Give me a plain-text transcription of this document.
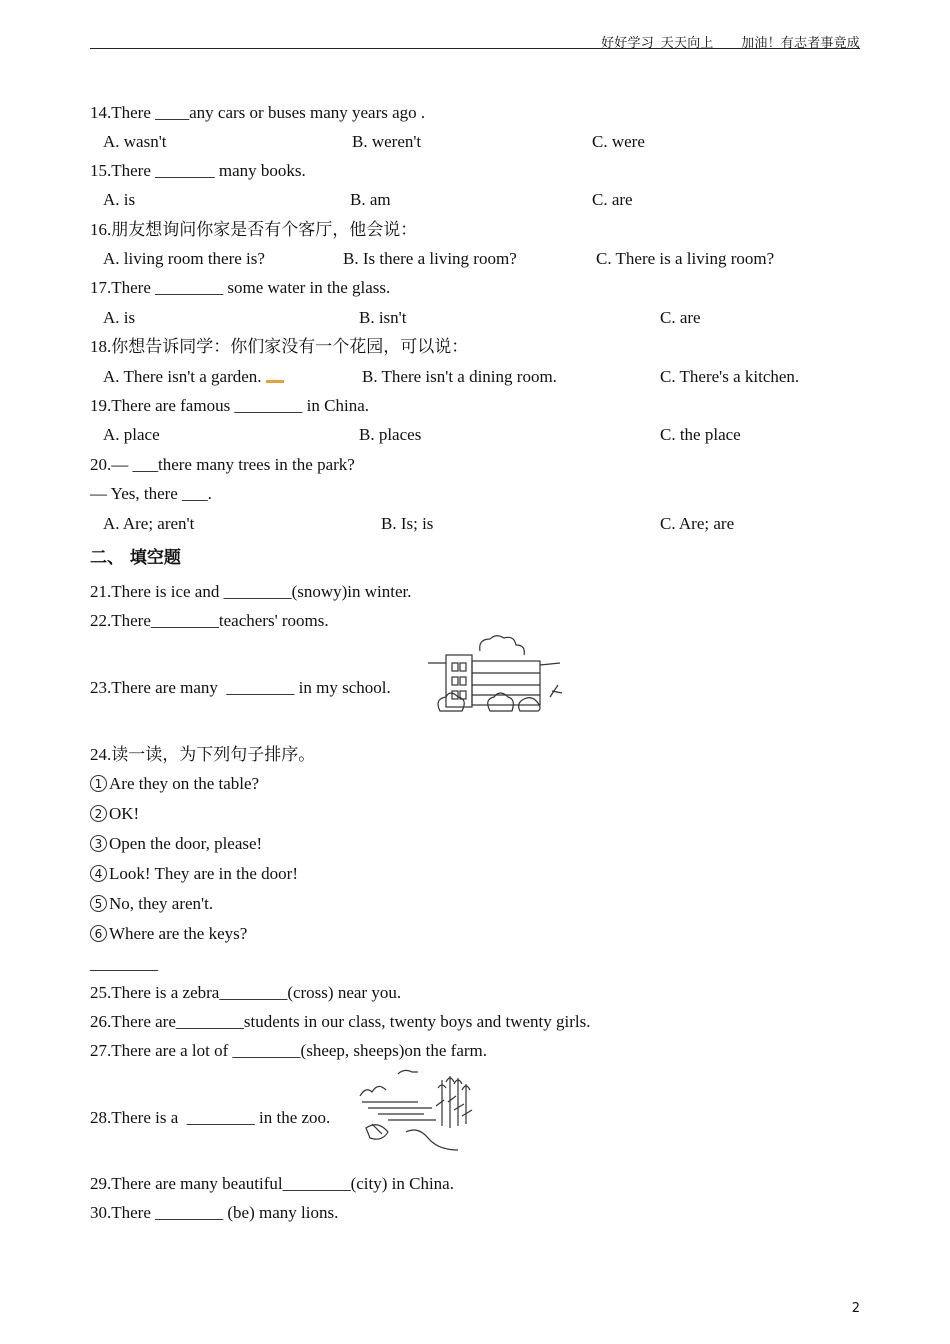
好好学习  天天向上        加油！有志者事竟成
14.There ____any cars or buses many years ago .
A. wasn't	B. weren't	C. were
15.There _______ many books.
A. is	B. am	C. are
16.朋友想询问你家是否有个客厅，他会说：
A. living room there is?	B. Is there a living room?	C. There is a living room?
17.There ________ some water in the glass.
A. is	B. isn't	C. are
18.你想告诉同学：你们家没有一个花园，可以说：
A. There isn't a garden.	B. There isn't a dining room.	C. There's a kitchen.
19.There are famous ________ in China.
A. place	B. places	C. the place
20.— ___there many trees in the park?
— Yes, there ___.
A. Are; aren't	B. Is; is	C. Are; are
二、 填空题
21.There is ice and ________(snowy)in winter.
22.There________teachers' rooms.
23.There are many  ________ in my school.
24.读一读，为下列句子排序。
1 Are they on the table?
2 OK!
3 Open the door, please!
4 Look! They are in the door!
5 No, they aren't.
6 Where are the keys?
________
25.There is a zebra________(cross) near you.
26.There are________students in our class, twenty boys and twenty girls.
27.There are a lot of ________(sheep, sheeps)on the farm.
28.There is a  ________ in the zoo.
29.There are many beautiful________(city) in China.
30.There ________ (be) many lions.
2
